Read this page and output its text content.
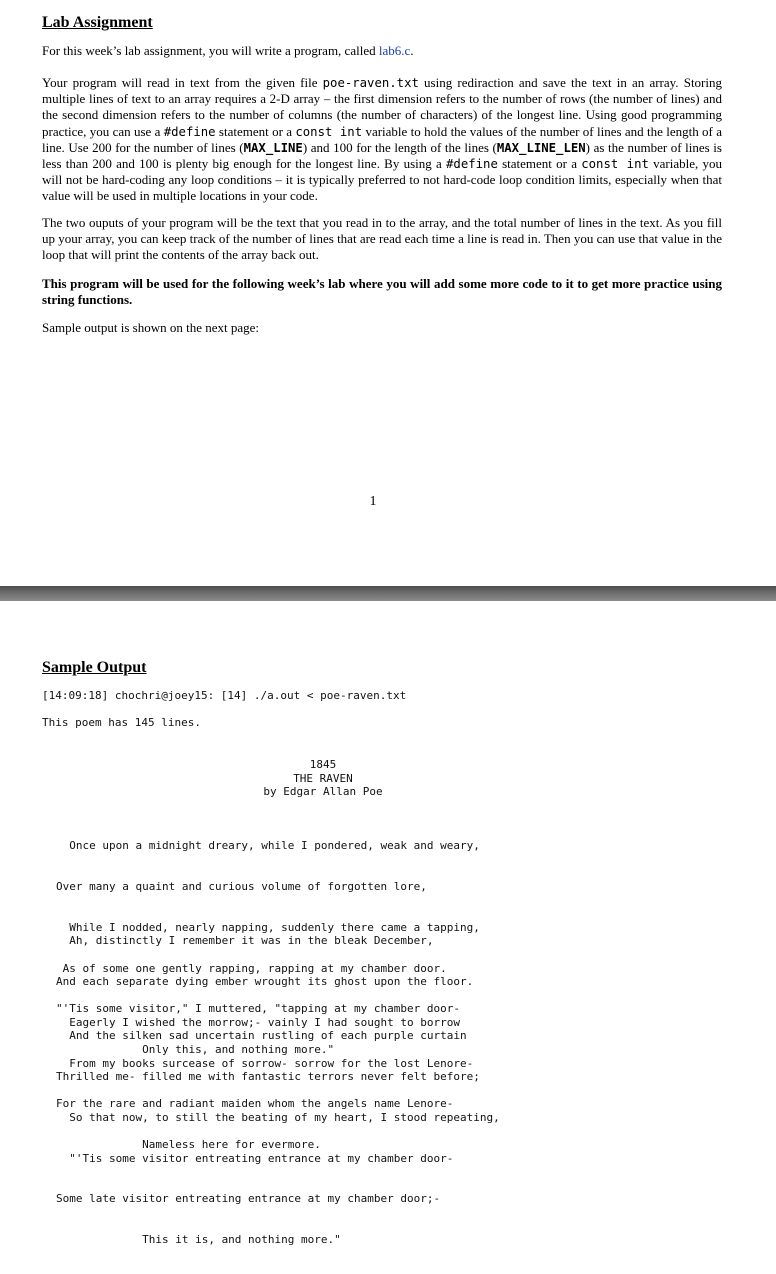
Lab Assignment

For this week’s lab assignment, you will write a program, called lab6.c.

Your program will read in text from the given file poe-raven.txt using rediraction and save the text in an array. Storing multiple lines of text to an array requires a 2-D array – the first dimension refers to the number of rows (the number of lines) and the second dimension refers to the number of columns (the number of characters) of the longest line. Using good programming practice, you can use a #define statement or a const int variable to hold the values of the number of lines and the length of a line. Use 200 for the number of lines (MAX_LINE) and 100 for the length of the lines (MAX_LINE_LEN) as the number of lines is less than 200 and 100 is plenty big enough for the longest line. By using a #define statement or a const int variable, you will not be hard-coding any loop conditions – it is typically preferred to not hard-code loop condition limits, especially when that value will be used in multiple locations in your code.

The two ouputs of your program will be the text that you read in to the array, and the total number of lines in the text. As you fill up your array, you can keep track of the number of lines that are read each time a line is read in. Then you can use that value in the loop that will print the contents of the array back out.

This program will be used for the following week’s lab where you will add some more code to it to get more practice using string functions.

Sample output is shown on the next page:

1
Sample Output
[14:09:18] chochri@joey15: [14] ./a.out < poe-raven.txt
This poem has 145 lines.
1845
THE RAVEN
by Edgar Allan Poe

Once upon a midnight dreary, while I pondered, weak and weary,

Over many a quaint and curious volume of forgotten lore,

While I nodded, nearly napping, suddenly there came a tapping,

As of some one gently rapping, rapping at my chamber door.

"'Tis some visitor," I muttered, "tapping at my chamber door-

Only this, and nothing more."

Ah, distinctly I remember it was in the bleak December,

And each separate dying ember wrought its ghost upon the floor.

Eagerly I wished the morrow;- vainly I had sought to borrow

From my books surcease of sorrow- sorrow for the lost Lenore-

For the rare and radiant maiden whom the angels name Lenore-

Nameless here for evermore.

And the silken sad uncertain rustling of each purple curtain

Thrilled me- filled me with fantastic terrors never felt before;

So that now, to still the beating of my heart, I stood repeating,

"'Tis some visitor entreating entrance at my chamber door-

Some late visitor entreating entrance at my chamber door;-

This it is, and nothing more."
